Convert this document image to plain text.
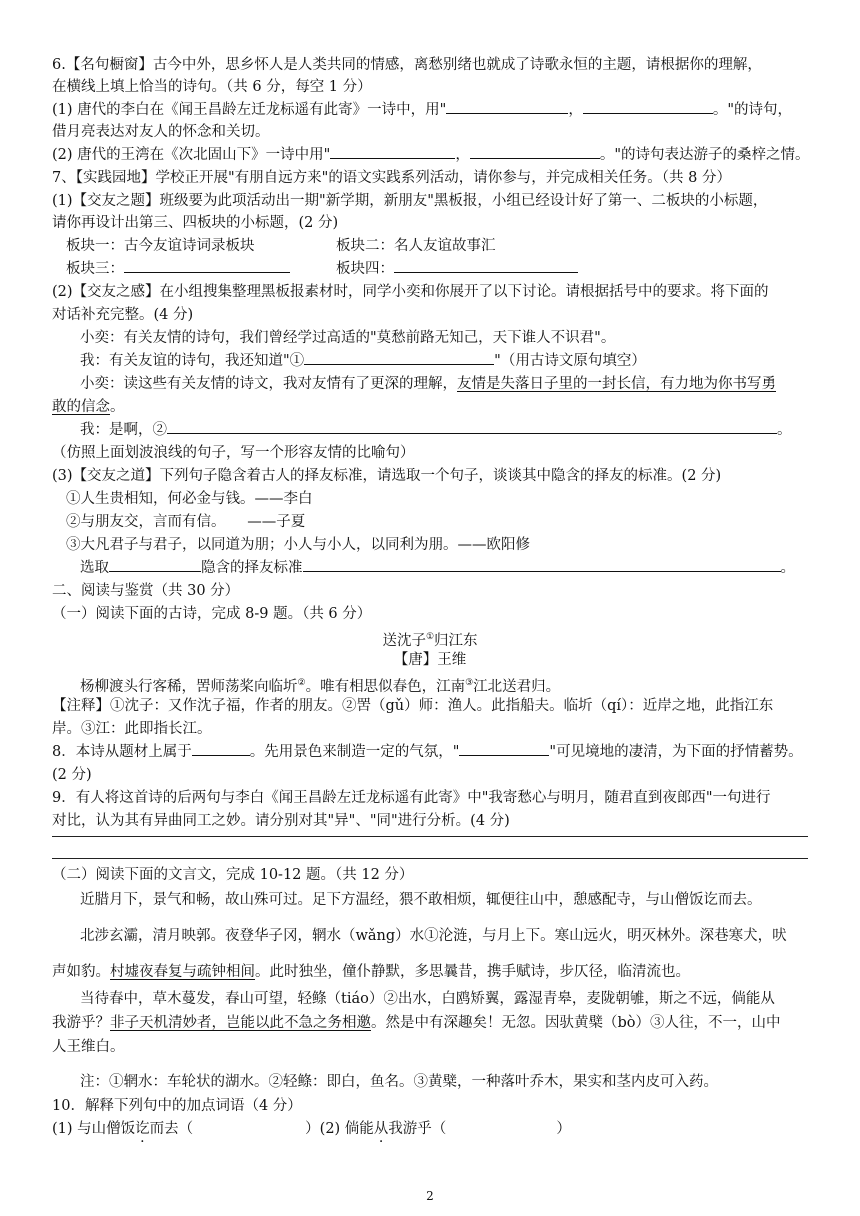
6.【名句橱窗】古今中外，思乡怀人是人类共同的情感，离愁别绪也就成了诗歌永恒的主题，请根据你的理解，
在横线上填上恰当的诗句。（共 6 分，每空 1 分）
(1) 唐代的李白在《闻王昌龄左迁龙标遥有此寄》一诗中，用"	，	。"的诗句，
借月亮表达对友人的怀念和关切。
(2) 唐代的王湾在《次北固山下》一诗中用"	，	。"的诗句表达游子的桑梓之情。
7、【实践园地】学校正开展"有朋自远方来"的语文实践系列活动，请你参与，并完成相关任务。（共 8 分）
(1)【交友之题】班级要为此项活动出一期"新学期，新朋友"黑板报，小组已经设计好了第一、二板块的小标题，
请你再设计出第三、四板块的小标题，(2 分)
板块一：古今友谊诗词录板块	板块二：名人友谊故事汇
板块三：	板块四：
(2)【交友之感】在小组搜集整理黑板报素材时，同学小奕和你展开了以下讨论。请根据括号中的要求。将下面的
对话补充完整。(4 分)
小奕：有关友情的诗句，我们曾经学过高适的"莫愁前路无知己，天下谁人不识君"。
我：有关友谊的诗句，我还知道"①	"（用古诗文原句填空）
小奕：读这些有关友情的诗文，我对友情有了更深的理解，友情是失落日子里的一封长信，有力地为你书写勇
敢的信念。
我：是啊，②	。
（仿照上面划波浪线的句子，写一个形容友情的比喻句）
(3)【交友之道】下列句子隐含着古人的择友标准，请选取一个句子，谈谈其中隐含的择友的标准。(2 分)
①人生贵相知，何必金与钱。——李白
②与朋友交，言而有信。　　——子夏
③大凡君子与君子，以同道为朋；小人与小人，以同利为朋。——欧阳修
选取	隐含的择友标准	。
二、阅读与鉴赏（共 30 分）
（一）阅读下面的古诗，完成 8-9 题。（共 6 分）
送沈子①归江东
【唐】王维
杨柳渡头行客稀，罟师荡桨向临圻②。唯有相思似春色，江南③江北送君归。
【注释】①沈子：又作沈子福，作者的朋友。②罟（gǔ）师：渔人。此指船夫。临圻（qí）：近岸之地，此指江东
岸。③江：此即指长江。
8．本诗从题材上属于	。先用景色来制造一定的气氛，"	"可见境地的凄清，为下面的抒情蓄势。
(2 分)
9．有人将这首诗的后两句与李白《闻王昌龄左迁龙标遥有此寄》中"我寄愁心与明月，随君直到夜郎西"一句进行
对比，认为其有异曲同工之妙。请分别对其"异"、"同"进行分析。(4 分)
（二）阅读下面的文言文，完成 10-12 题。（共 12 分）
近腊月下，景气和畅，故山殊可过。足下方温经，猥不敢相烦，辄便往山中，憩感配寺，与山僧饭讫而去。
北涉玄灞，清月映郭。夜登华子冈，辋水（wǎng）水①沦涟，与月上下。寒山远火，明灭林外。深巷寒犬，吠
声如豹。村墟夜春复与疏钟相间。此时独坐，僮仆静默，多思曩昔，携手赋诗，步仄径，临清流也。
当待春中，草木蔓发，春山可望，轻鲦（tiáo）②出水，白鸥矫翼，露湿青皋，麦陇朝雊，斯之不远，倘能从
我游乎？非子天机清妙者，岂能以此不急之务相邀。然是中有深趣矣！无忽。因驮黄檗（bò）③人往，不一，山中
人王维白。
注：①辋水：车轮状的湖水。②轻鲦：即白，鱼名。③黄檗，一种落叶乔木，果实和茎内皮可入药。
10．解释下列句中的加点词语（4 分）
(1) 与山僧饭讫而去（	）(2) 倘能从我游乎（	）
2
